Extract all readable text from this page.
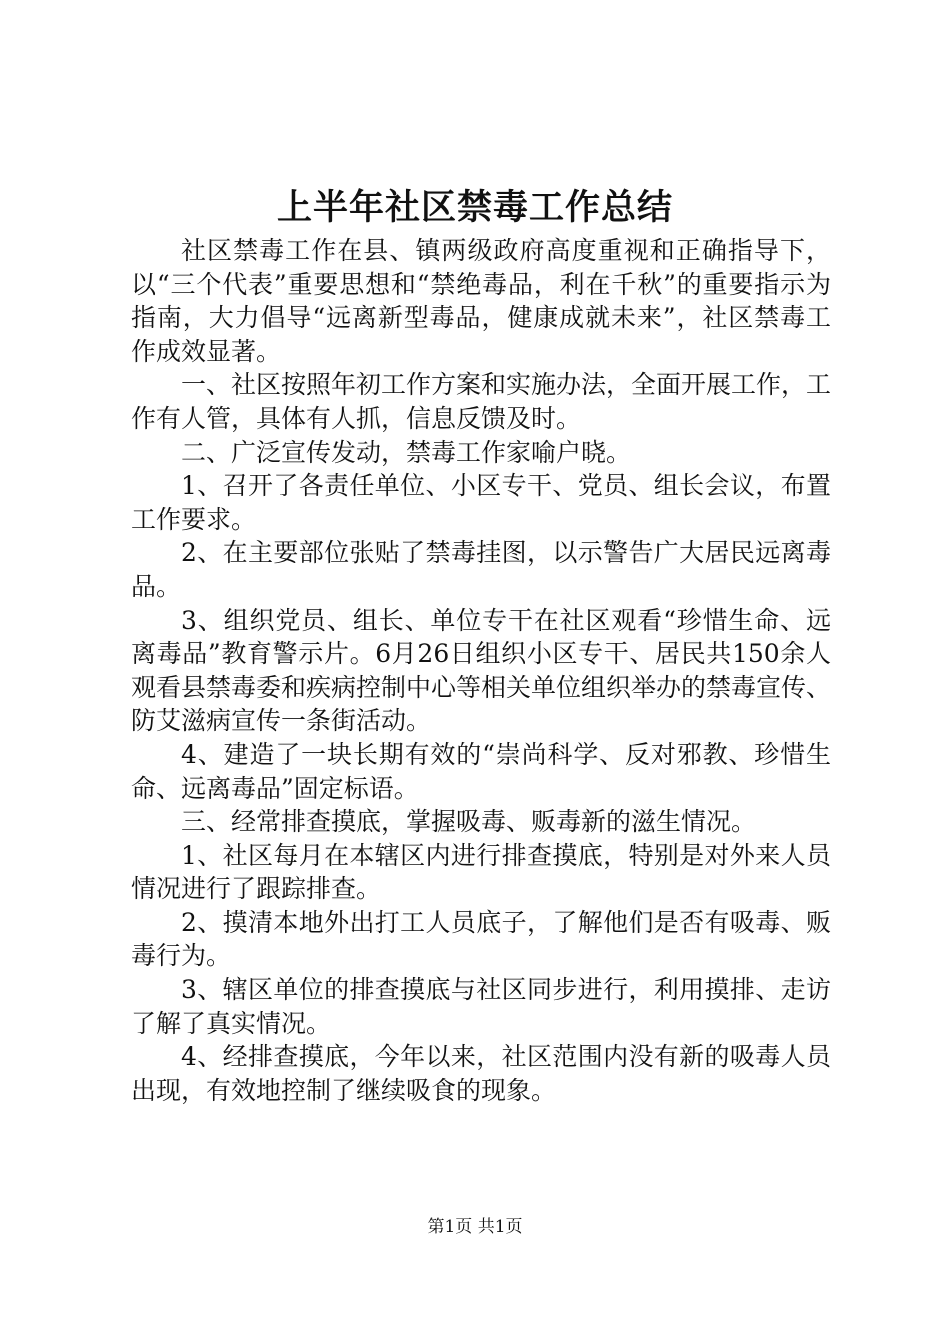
上半年社区禁毒工作总结

社区禁毒工作在县、镇两级政府高度重视和正确指导下，以“三个代表”重要思想和“禁绝毒品，利在千秋”的重要指示为指南，大力倡导“远离新型毒品，健康成就未来”，社区禁毒工作成效显著。

一、社区按照年初工作方案和实施办法，全面开展工作，工作有人管，具体有人抓，信息反馈及时。

二、广泛宣传发动，禁毒工作家喻户晓。

1、召开了各责任单位、小区专干、党员、组长会议，布置工作要求。

2、在主要部位张贴了禁毒挂图，以示警告广大居民远离毒品。

3、组织党员、组长、单位专干在社区观看“珍惜生命、远离毒品”教育警示片。6月26日组织小区专干、居民共150余人观看县禁毒委和疾病控制中心等相关单位组织举办的禁毒宣传、防艾滋病宣传一条街活动。

4、建造了一块长期有效的“崇尚科学、反对邪教、珍惜生命、远离毒品”固定标语。

三、经常排查摸底，掌握吸毒、贩毒新的滋生情况。

1、社区每月在本辖区内进行排查摸底，特别是对外来人员情况进行了跟踪排查。

2、摸清本地外出打工人员底子，了解他们是否有吸毒、贩毒行为。

3、辖区单位的排查摸底与社区同步进行，利用摸排、走访了解了真实情况。

4、经排查摸底，今年以来，社区范围内没有新的吸毒人员出现，有效地控制了继续吸食的现象。

第1页 共1页
